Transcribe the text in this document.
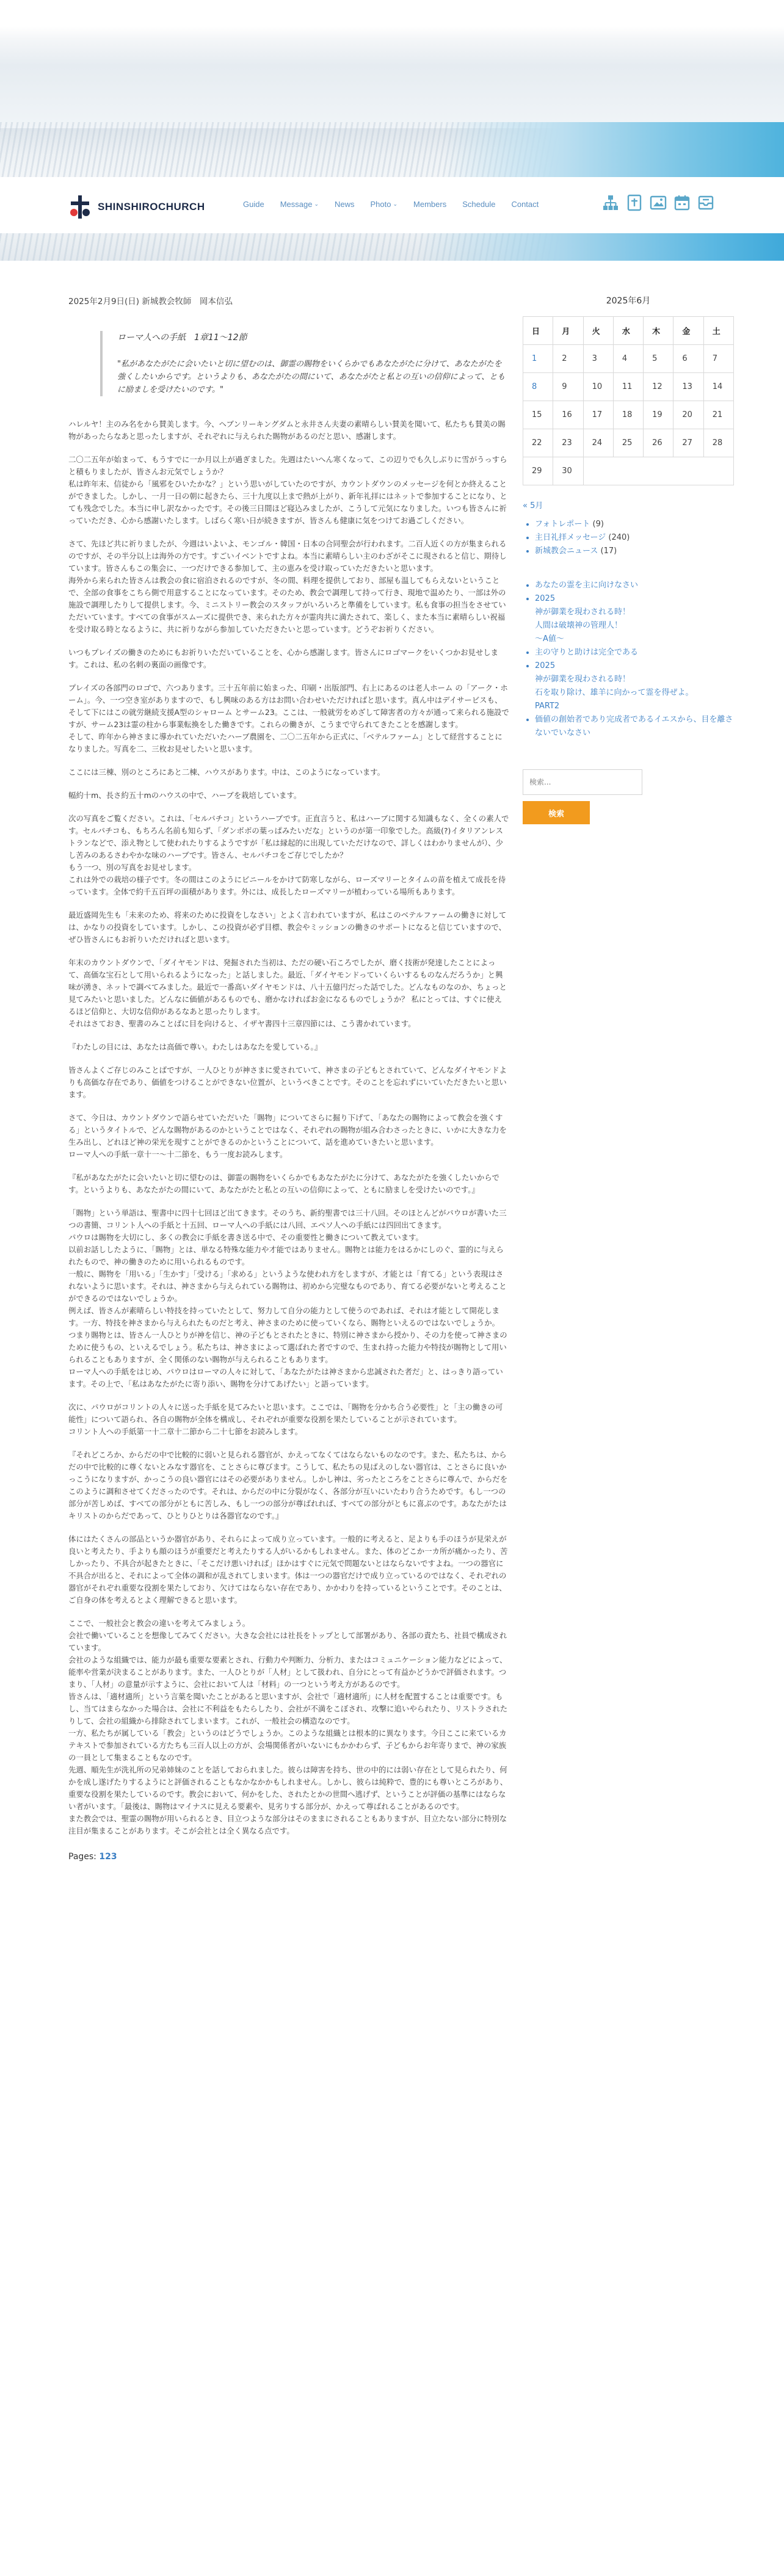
SHINSHIROCHURCH	Guide Message ⌄ News Photo ⌄ Members Schedule Contact

2025年2月9日(日) 新城教会牧師　岡本信弘

ローマ人への手紙　1章11〜12節

"私があなたがたに会いたいと切に望むのは、御霊の賜物をいくらかでもあなたがたに分けて、あなたがたを強くしたいからです。というよりも、あなたがたの間にいて、あなたがたと私との互いの信仰によって、ともに励ましを受けたいのです。"

ハレルヤ！主のみ名をから賛美します。今、ヘブンリーキングダムと永井さん夫妻の素晴らしい賛美を聞いて、私たちも賛美の賜物があったらなあと思ったしますが、それぞれに与えられた賜物があるのだと思い、感謝します。

二〇二五年が始まって、もうすでに一か月以上が過ぎました。先週はたいへん寒くなって、この辺りでも久しぶりに雪がうっすらと積もりましたが、皆さんお元気でしょうか？
私は昨年末、信徒から「風邪をひいたかな？」という思いがしていたのですが、カウントダウンのメッセージを何とか終えることができました。しかし、一月一日の朝に起きたら、三十九度以上まで熱が上がり、新年礼拝にはネットで参加することになり、とても残念でした。本当に申し訳なかったです。その後三日間ほど寝込みましたが、こうして元気になりました。いつも皆さんに祈っていただき、心から感謝いたします。しばらく寒い日が続きますが、皆さんも健康に気をつけてお過ごしください。

さて、先ほど共に祈りましたが、今週はいよいよ、モンゴル・韓国・日本の合同聖会が行われます。二百人近くの方が集まられるのですが、その半分以上は海外の方です。すごいイベントですよね。本当に素晴らしい主のわざがそこに現されると信じ、期待しています。皆さんもこの集会に、一つだけできる参加して、主の恵みを受け取っていただきたいと思います。
海外から来られた皆さんは教会の食に宿泊されるのですが、冬の間、料理を提供しており、部屋も温してもらえないということで、全部の食事をこちら側で用意することになっています。そのため、教会で調理して持って行き、現地で温めたり、一部は外の施設で調理したりして提供します。今、ミニストリー教会のスタッフがいろいろと準備をしています。私も食事の担当をさせていただいています。すべての食事がスムーズに提供でき、来られた方々が霊肉共に満たされて、楽しく、また本当に素晴らしい祝福を受け取る時となるように、共に祈りながら参加していただきたいと思っています。どうぞお祈りください。

いつもプレイズの働きのためにもお祈りいただいていることを、心から感謝します。皆さんにロゴマークをいくつかお見せします。これは、私の名刺の裏面の画像です。

プレイズの各部門のロゴで、六つあります。三十五年前に始まった、印刷・出版部門、右上にあるのは老人ホーム の「アーク・ホーム」。今、一つ空き室がありますので、もし興味のある方はお問い合わせいただければと思います。真ん中はデイサービスも、そして下にはこの就労継続支援A型のシャローム とサーム23。ここは、一般就労をめざして障害者の方々が通って来られる施設ですが、サーム23は霊の柱から事業転換をした働きです。これらの働きが、こうまで守られてきたことを感謝します。
そして、昨年から神さまに導かれていただいたハーブ農園を、二〇二五年から正式に、「ベテルファーム」として経営することになりました。写真を二、三枚お見せしたいと思います。

ここには三棟、別のところにあと二棟、ハウスがあります。中は、このようになっています。

幅約十m、長さ約五十mのハウスの中で、ハーブを栽培しています。

次の写真をご覧ください。これは、「セルパチコ」というハーブです。正直言うと、私はハーブに関する知識もなく、全くの素人です。セルパチコも、もちろん名前も知らず、「ダンボボの葉っぱみたいだな」というのが第一印象でした。高級(?)イタリアンレストランなどで、添え物として使われたりするようですが「私は縁起的に出現していただけなので、詳しくはわかりませんが）、少し苦みのあるさわやかな味のハーブです。皆さん、セルパチコをご存じでしたか？
もう一つ、別の写真をお見せします。
これは外での栽培の様子です。冬の間はこのようにビニールをかけて防寒しながら、ローズマリーとタイムの苗を植えて成長を待っています。全体で約千五百坪の面積があります。外には、成長したローズマリーが植わっている場所もあります。

最近盛岡先生も「未来のため、将来のために投資をしなさい」とよく言われていますが、私はこのベテルファームの働きに対しては、かなりの投資をしています。しかし、この投資が必ず目標、教会やミッションの働きのサポートになると信じていますので、ぜひ皆さんにもお祈りいただければと思います。

年末のカウントダウンで、「ダイヤモンドは、発掘された当初は、ただの硬い石ころでしたが、磨く技術が発達したことによって、高価な宝石として用いられるようになった」と話しました。最近、「ダイヤモンドっていくらいするものなんだろうか」と興味が湧き、ネットで調べてみました。最近で一番高いダイヤモンドは、八十五億円だった話でした。どんなものなのか、ちょっと見てみたいと思いました。どんなに価値があるものでも、磨かなければお金になるものでしょうか？ 私にとっては、すぐに使えるほど信仰と、大切な信仰があるなあと思ったりします。
それはさておき、聖書のみことばに目を向けると、イザヤ書四十三章四節には、こう書かれています。

『わたしの目には、あなたは高価で尊い。わたしはあなたを愛している。』

皆さんよくご存じのみことばですが、一人ひとりが神さまに愛されていて、神さまの子どもとされていて、どんなダイヤモンドよりも高価な存在であり、価値をつけることができない位置が、というべきことです。そのことを忘れずにいていただきたいと思います。

さて、今日は、カウントダウンで語らせていただいた「賜物」についてさらに掘り下げて、「あなたの賜物によって教会を強くする」というタイトルで、どんな賜物があるのかということではなく、それぞれの賜物が組み合わさったときに、いかに大きな力を生み出し、どれほど神の栄光を現すことができるのかということについて、話を進めていきたいと思います。
ローマ人への手紙一章十一〜十二節を、もう一度お読みします。

『私があなたがたに会いたいと切に望むのは、御霊の賜物をいくらかでもあなたがたに分けて、あなたがたを強くしたいからです。というよりも、あなたがたの間にいて、あなたがたと私との互いの信仰によって、ともに励ましを受けたいのです。』

「賜物」という単語は、聖書中に四十七回ほど出てきます。そのうち、新約聖書では三十八回。そのほとんどがパウロが書いた三つの書簡、コリント人への手紙と十五回、ローマ人への手紙には八回、エペソ人への手紙には四回出てきます。
パウロは賜物を大切にし、多くの教会に手紙を書き送る中で、その重要性と働きについて教えています。
以前お話ししたように、「賜物」とは、単なる特殊な能力や才能ではありません。賜物とは能力をはるかにしのぐ、霊的に与えられたもので、神の働きのために用いられるものです。
一般に、賜物を「用いる」「生かす」「受ける」「求める」というような使われ方をしますが、才能とは「育てる」という表現はされないように思います。それは、神さまから与えられている賜物は、初めから完璧なものであり、育てる必要がないと考えることができるのではないでしょうか。
例えば、皆さんが素晴らしい特技を持っていたとして、努力して自分の能力として使うのであれば、それは才能として開花します。一方、特技を神さまから与えられたものだと考え、神さまのために使っていくなら、賜物といえるのではないでしょうか。
つまり賜物とは、皆さん一人ひとりが神を信じ、神の子どもとされたときに、特別に神さまから授かり、その力を使って神さまのために使うもの、といえるでしょう。私たちは、神さまによって選ばれた者ですので、生まれ持った能力や特技が賜物として用いられることもありますが、全く関係のない賜物が与えられることもあります。
ローマ人への手紙をはじめ、パウロはローマの人々に対して、「あなたがたは神さまから忠誠された者だ」と、はっきり語っています。その上で、「私はあなたがたに寄り添い、賜物を分けてあげたい」と語っています。

次に、パウロがコリントの人々に送った手紙を見てみたいと思います。ここでは、「賜物を分かち合う必要性」と「主の働きの可能性」について語られ、各自の賜物が全体を構成し、それぞれが重要な役割を果たしていることが示されています。
コリント人への手紙第一十二章十二節から二十七節をお読みします。

『それどころか、からだの中で比較的に弱いと見られる器官が、かえってなくてはならないものなのです。また、私たちは、からだの中で比較的に尊くないとみなす器官を、ことさらに尊びます。こうして、私たちの見ばえのしない器官は、ことさらに良いかっこうになりますが、かっこうの良い器官にはその必要がありません。しかし神は、劣ったところをことさらに尊んで、からだをこのように調和させてくださったのです。それは、からだの中に分裂がなく、各部分が互いにいたわり合うためです。もし一つの部分が苦しめば、すべての部分がともに苦しみ、もし一つの部分が尊ばれれば、すべての部分がともに喜ぶのです。あなたがたはキリストのからだであって、ひとりひとりは各器官なのです。』

体にはたくさんの部品というか器官があり、それらによって成り立っています。一般的に考えると、足よりも手のほうが見栄えが良いと考えたり、手よりも顔のほうが重要だと考えたりする人がいるかもしれません。また、体のどこか一カ所が痛かったり、苦しかったり、不具合が起きたときに、「そこだけ悪いければ」ほかはすぐに元気で問題ないとはならないですよね。一つの器官に不具合が出ると、それによって全体の調和が乱されてしまいます。体は一つの器官だけで成り立っているのではなく、それぞれの器官がそれぞれ重要な役割を果たしており、欠けてはならない存在であり、かかわりを持っているということです。そのことは、ご自身の体を考えるとよく理解できると思います。

ここで、一般社会と教会の違いを考えてみましょう。
会社で働いていることを想像してみてください。大きな会社には社長をトップとして部署があり、各部の責たち、社員で構成されています。
会社のような組織では、能力が最も重要な要素とされ、行動力や判断力、分析力、またはコミュニケーション能力などによって、能率や営業が決まることがあります。また、一人ひとりが「人材」として扱われ、自分にとって有益かどうかで評価されます。つまり、「人材」の意量が示すように、会社において人は「材料」の一つという考え方があるのです。
皆さんは、「適材適所」という言葉を聞いたことがあると思いますが、会社で「適材適所」に人材を配置することは重要です。もし、当てはまらなかった場合は、会社に不利益をもたらしたり、会社が不満をこぼされ、攻撃に追いやられたり、リストラされたりして、会社の組織から排除されてしまいます。これが、一般社会の構造なのです。
一方、私たちが属している「教会」というのはどうでしょうか。このような組織とは根本的に異なります。今日ここに来ているカテキストで参加されている方たちも三百人以上の方が、会場関係者がいないにもかかわらず、子どもからお年寄りまで、神の家族の一員として集まることもなのです。
先週、順先生が洗礼所の兄弟姉妹のことを話しておられました。彼らは障害を持ち、世の中的には弱い存在として見られたり、何かを成し遂げたりするようにと評価されることもなかなかかもしれません。しかし、彼らは純粋で、豊的にも尊いところがあり、重要な役割を果たしているのです。教会において、何かをした、されたとかの世間へ逃げず、ということが評価の基準にはならない者がいます。「最後は、賜物はマイナスに見える要素や、見劣りする部分が、かえって尊ばれることがあるのです。
また教会では、聖霊の賜物が用いられるとき、目立つような部分はそのままにされることもありますが、目立たない部分に特別な注目が集まることがあります。そこが会社とは全く異なる点です。

Pages: 123

2025年6月
日	月	火	水	木	金	土
1	2	3	4	5	6	7
8	9	10	11	12	13	14
15	16	17	18	19	20	21
22	23	24	25	26	27	28
29	30					
« 5月
• フォトレポート (9)
• 主日礼拝メッセージ (240)
• 新城教会ニュース (17)
• あなたの霊を主に向けなさい
• 2025
神が御業を現わされる時！
人間は破壊神の管理人！
〜A値〜
• 主の守りと助けは完全である
• 2025
神が御業を現わされる時！
石を取り除け、雄羊に向かって霊を得ぜよ。
PART2
• 価値の創始者であり完成者であるイエスから、目を離さないでいなさい
検索...
検索
